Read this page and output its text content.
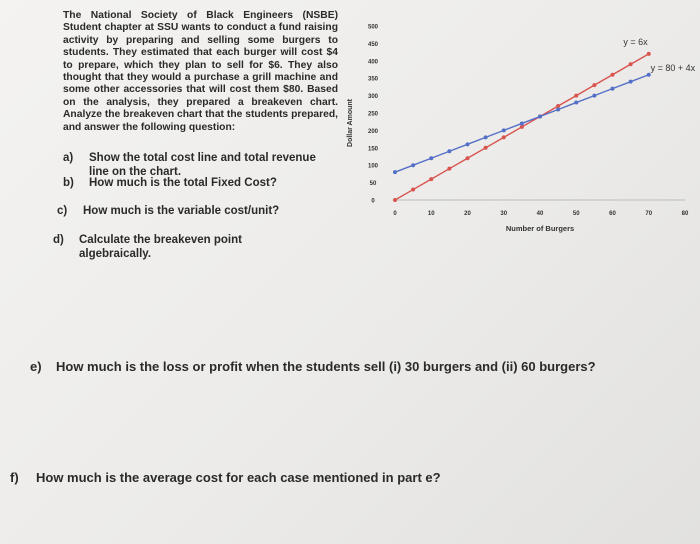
The National Society of Black Engineers (NSBE) Student chapter at SSU wants to conduct a fund raising activity by preparing and selling some burgers to students. They estimated that each burger will cost $4 to prepare, which they plan to sell for $6. They also thought that they would a purchase a grill machine and some other accessories that will cost them $80. Based on the analysis, they prepared a breakeven chart. Analyze the breakeven chart that the students prepared, and answer the following question:
a) Show the total cost line and total revenue
line on the chart.
b) How much is the total Fixed Cost?
c) How much is the variable cost/unit?
d) Calculate the breakeven point
algebraically.
e) How much is the loss or profit when the students sell (i) 30 burgers and (ii) 60 burgers?
f) How much is the average cost for each case mentioned in part e?
0
50
100
150
200
250
300
350
400
450
500
0	10	20	30	40	50	60	70	80
Dollar Amount
Number of Burgers
y = 6x
y = 80 + 4x
